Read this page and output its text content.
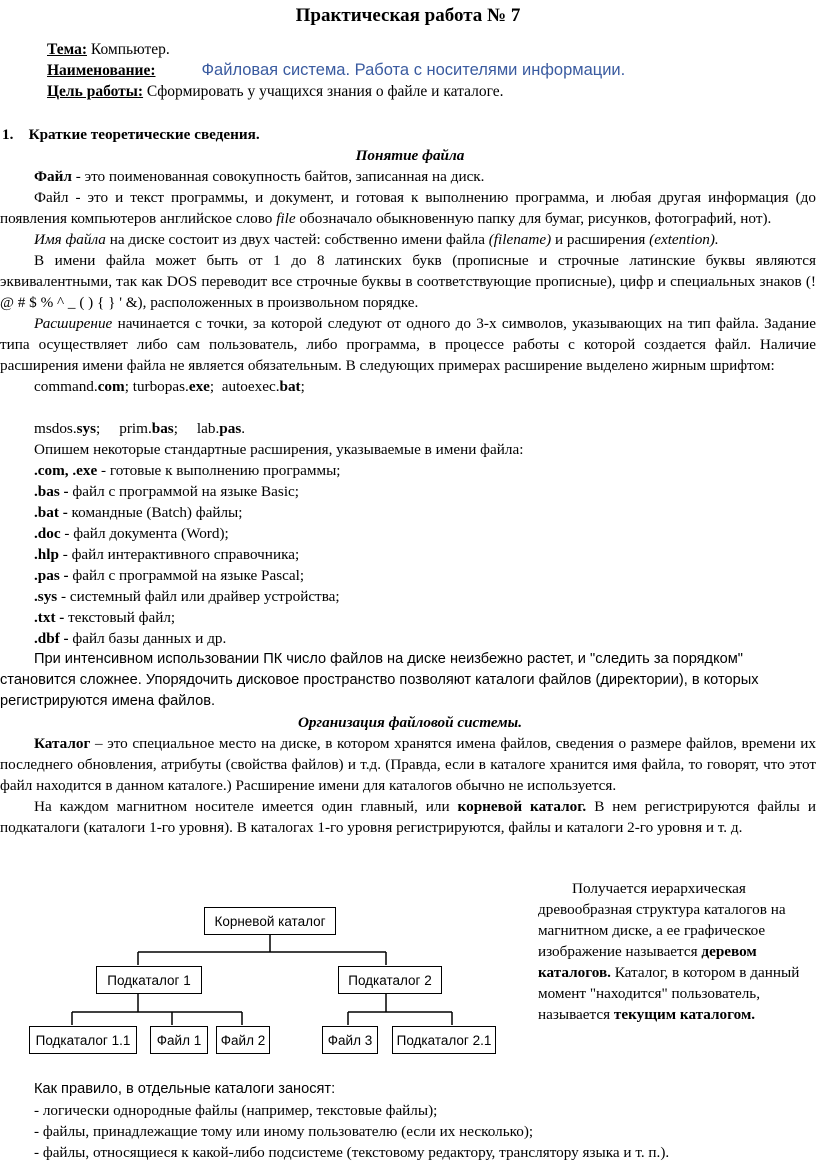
Практическая работа № 7
Тема: Компьютер.
Наименование:	Файловая система. Работа с носителями информации.
Цель работы: Сформировать у учащихся знания о файле и каталоге.
1.    Краткие теоретические сведения.
Понятие файла

Файл - это поименованная совокупность байтов, записанная на диск.

Файл - это и текст программы, и документ, и готовая к выполнению программа, и любая другая информация (до появления компьютеров английское слово file обозначало обыкновенную папку для бумаг, рисунков, фотографий, нот).

Имя файла на диске состоит из двух частей: собственно имени файла (filename) и расширения (extention).

В имени файла может быть от 1 до 8 латинских букв (прописные и строчные латинские буквы являются эквивалентными, так как DOS переводит все строчные буквы в соответствующие прописные), цифр и специальных знаков (! @ # $ % ^ _ ( ) { } ' &), расположенных в произвольном порядке.

Расширение начинается с точки, за которой следуют от одного до 3-х символов, указывающих на тип файла. Задание типа осуществляет либо сам пользователь, либо программа, в процессе работы с которой создается файл. Наличие расширения имени файла не является обязательным. В следующих примерах расширение выделено жирным шрифтом:

command.com; turbopas.exe;  autoexec.bat;

msdos.sys;     prim.bas;     lab.pas.

Опишем некоторые стандартные расширения, указываемые в имени файла:

.com, .exe - готовые к выполнению программы;

.bas - файл с программой на языке Basic;

.bat - командные (Batch) файлы;

.doc - файл документа (Word);

.hlp - файл интерактивного справочника;

.pas - файл с программой на языке Pascal;

.sys - системный файл или драйвер устройства;

.txt - текстовый файл;

.dbf - файл базы данных и др.

При интенсивном использовании ПК число файлов на диске неизбежно растет, и "следить за порядком" становится сложнее. Упорядочить дисковое пространство позволяют каталоги файлов (директории), в которых регистрируются имена файлов.

Организация файловой системы.

Каталог – это специальное место на диске, в котором хранятся имена файлов, сведения о размере файлов, времени их последнего обновления, атрибуты (свойства файлов) и т.д. (Правда, если в каталоге хранится имя файла, то говорят, что этот файл находится в данном каталоге.) Расширение имени для каталогов обычно не используется.

На каждом магнитном носителе имеется один главный, или корневой каталог. В нем регистрируются файлы и подкаталоги (каталоги 1-го уровня). В каталогах 1-го уровня регистрируются, файлы и каталоги 2-го уровня и т. д.

Корневой каталог
Подкаталог 1	Подкаталог 2
Подкаталог 1.1	Файл 1	Файл 2	Файл 3	Подкаталог 2.1
Получается иерархическая древообразная структура каталогов на магнитном диске, а ее графическое изображение называется деревом каталогов. Каталог, в котором в данный момент "находится" пользователь, называется текущим каталогом.

Как правило, в отдельные каталоги заносят:

- логически однородные файлы (например, текстовые файлы);
- файлы, принадлежащие тому или иному пользователю (если их несколько);
- файлы, относящиеся к какой-либо подсистеме (текстовому редактору, транслятору языка и т. п.).
